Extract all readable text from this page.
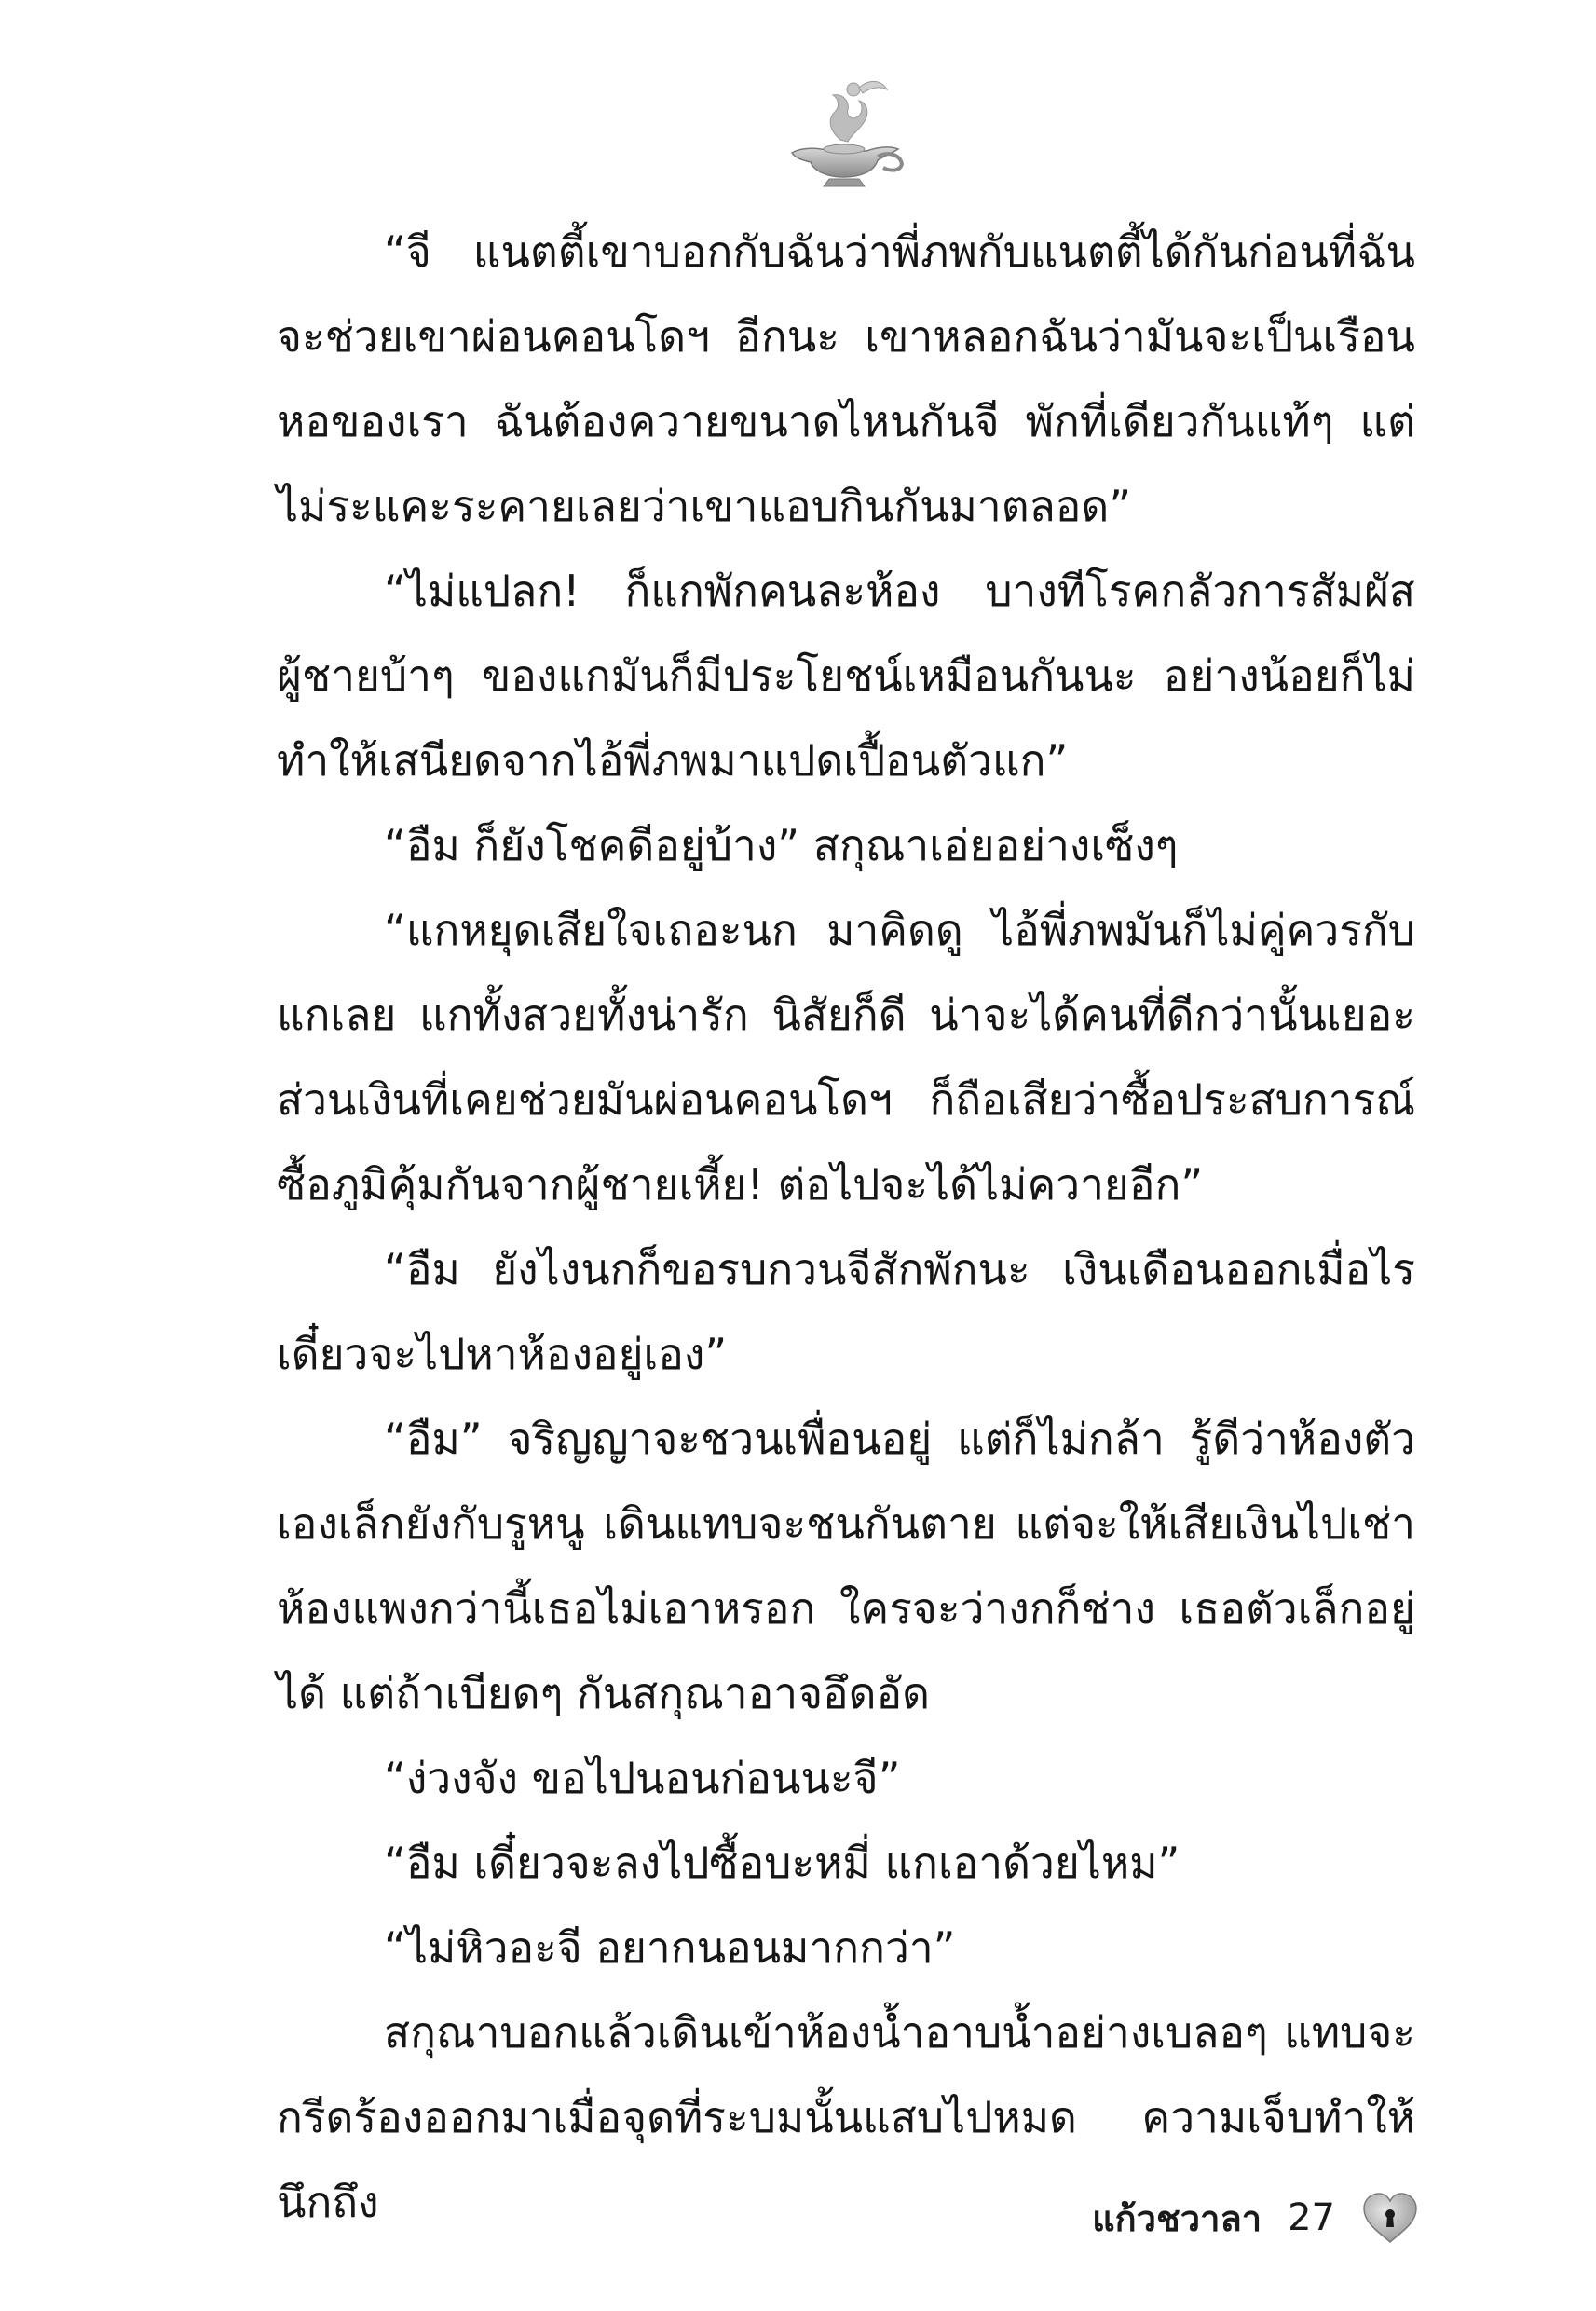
“จี แนตตี้เขาบอกกับฉันว่าพี่ภพกับแนตตี้ได้กันก่อนที่ฉันจะช่วยเขาผ่อนคอนโดฯ อีกนะ เขาหลอกฉันว่ามันจะเป็นเรือนหอของเรา ฉันต้องควายขนาดไหนกันจี พักที่เดียวกันแท้ๆ แต่ไม่ระแคะระคายเลยว่าเขาแอบกินกันมาตลอด”

“ไม่แปลก! ก็แกพักคนละห้อง บางทีโรคกลัวการสัมผัสผู้ชายบ้าๆ ของแกมันก็มีประโยชน์เหมือนกันนะ อย่างน้อยก็ไม่ทำให้เสนียดจากไอ้พี่ภพมาแปดเปื้อนตัวแก”

“อืม ก็ยังโชคดีอยู่บ้าง” สกุณาเอ่ยอย่างเซ็งๆ

“แกหยุดเสียใจเถอะนก มาคิดดู ไอ้พี่ภพมันก็ไม่คู่ควรกับแกเลย แกทั้งสวยทั้งน่ารัก นิสัยก็ดี น่าจะได้คนที่ดีกว่านั้นเยอะส่วนเงินที่เคยช่วยมันผ่อนคอนโดฯ ก็ถือเสียว่าซื้อประสบการณ์ซื้อภูมิคุ้มกันจากผู้ชายเหี้ย! ต่อไปจะได้ไม่ควายอีก”

“อืม ยังไงนกก็ขอรบกวนจีสักพักนะ เงินเดือนออกเมื่อไรเดี๋ยวจะไปหาห้องอยู่เอง”

“อืม” จริญญาจะชวนเพื่อนอยู่ แต่ก็ไม่กล้า รู้ดีว่าห้องตัวเองเล็กยังกับรูหนู เดินแทบจะชนกันตาย แต่จะให้เสียเงินไปเช่าห้องแพงกว่านี้เธอไม่เอาหรอก ใครจะว่างกก็ช่าง เธอตัวเล็กอยู่ได้ แต่ถ้าเบียดๆ กันสกุณาอาจอึดอัด

“ง่วงจัง ขอไปนอนก่อนนะจี”

“อืม เดี๋ยวจะลงไปซื้อบะหมี่ แกเอาด้วยไหม”

“ไม่หิวอะจี อยากนอนมากกว่า”

สกุณาบอกแล้วเดินเข้าห้องน้ำอาบน้ำอย่างเบลอๆ แทบจะกรีดร้องออกมาเมื่อจุดที่ระบมนั้นแสบไปหมด ความเจ็บทำให้นึกถึง	แก้วชวาลา 27
